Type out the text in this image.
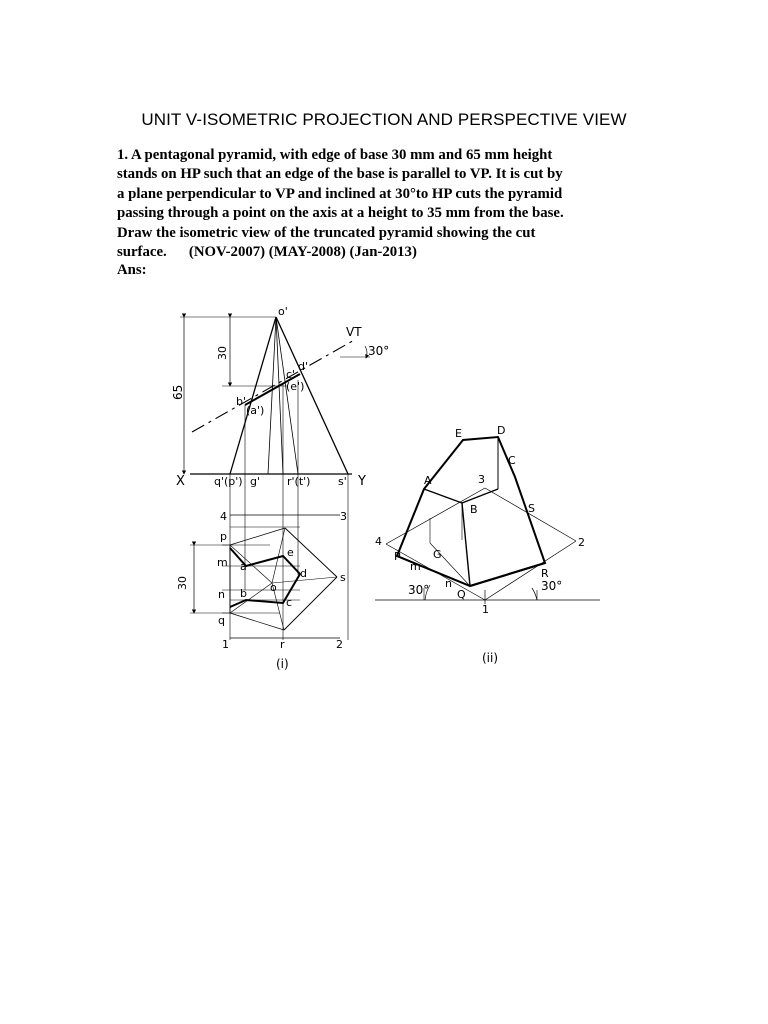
UNIT V-ISOMETRIC PROJECTION AND PERSPECTIVE VIEW

1. A pentagonal pyramid, with edge of base 30 mm and 65 mm height

stands on HP such that an edge of the base is parallel to VP. It is cut by

a plane perpendicular to VP and inclined at 30°to HP cuts the pyramid

passing through a point on the axis at a height to 35 mm from the base.

Draw the isometric view of the truncated pyramid showing the cut

surface.      (NOV-2007) (MAY-2008) (Jan-2013)

Ans:
o'
VT
30°
30
65
c'
d'
(e')
b'
(a')
X	Y
q'(p') g' r'(t')	s'
4	3
p
m a
e
o
d	s
n b
c
q
1	r	2
30
(i)
E	D
C
A	3
B	S
4	2
P	G
m
n
Q
R
1
30°	30°
(ii)
